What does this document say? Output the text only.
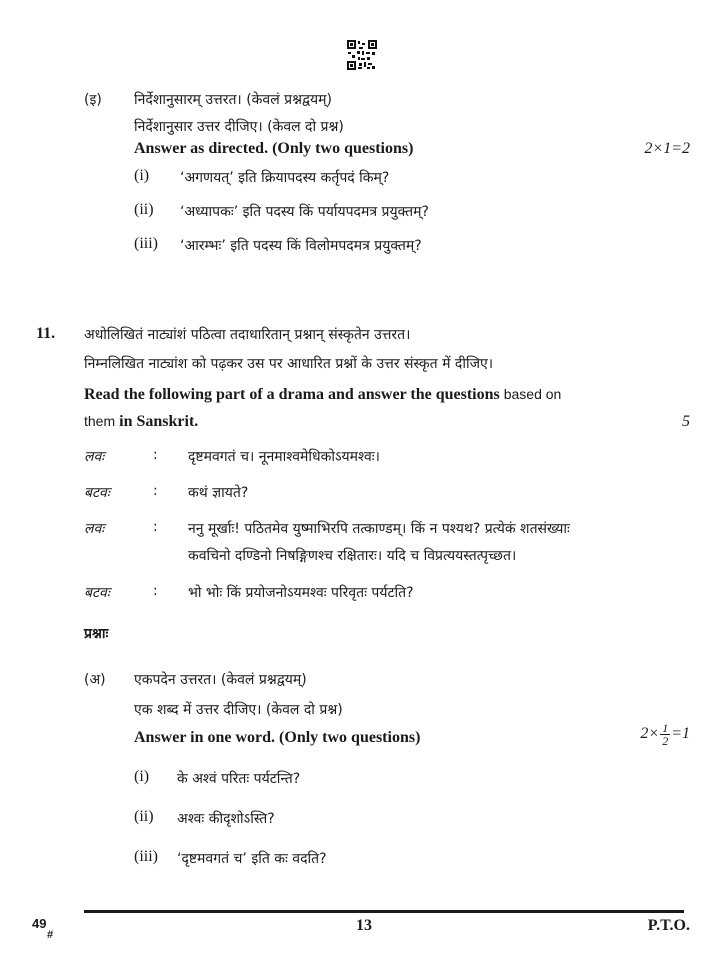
(इ) निर्देशानुसारम् उत्तरत। (केवलं प्रश्नद्वयम्)
निर्देशानुसार उत्तर दीजिए। (केवल दो प्रश्न)
Answer as directed. (Only two questions)	2×1=2
(i) ‘अगणयत्’ इति क्रियापदस्य कर्तृपदं किम्?
(ii) ‘अध्यापकः’ इति पदस्य किं पर्यायपदमत्र प्रयुक्तम्?
(iii) ‘आरम्भः’ इति पदस्य किं विलोमपदमत्र प्रयुक्तम्?
11. अधोलिखितं नाट्यांशं पठित्वा तदाधारितान् प्रश्नान् संस्कृतेन उत्तरत।
निम्नलिखित नाट्यांश को पढ़कर उस पर आधारित प्रश्नों के उत्तर संस्कृत में दीजिए।
Read the following part of a drama and answer the questions based on
them in Sanskrit.	5
लवः	: दृष्टमवगतं च। नूनमाश्वमेधिकोऽयमश्वः।
बटवः	: कथं ज्ञायते?
लवः	: ननु मूर्खाः! पठितमेव युष्माभिरपि तत्काण्डम्। किं न पश्यथ? प्रत्येकं शतसंख्याः
कवचिनो दण्डिनो निषङ्गिणश्च रक्षितारः। यदि च विप्रत्ययस्तत्पृच्छत।
बटवः	: भो भोः किं प्रयोजनोऽयमश्वः परिवृतः पर्यटति?
प्रश्नाः
(अ) एकपदेन उत्तरत। (केवलं प्रश्नद्वयम्)
एक शब्द में उत्तर दीजिए। (केवल दो प्रश्न)
Answer in one word. (Only two questions)	$2\times \frac{1}{2} =1$
(i) के अश्वं परितः पर्यटन्ति?
(ii) अश्वः कीदृशोऽस्ति?
(iii) ‘दृष्टमवगतं च’ इति कः वदति?
49
#
13	P.T.O.
